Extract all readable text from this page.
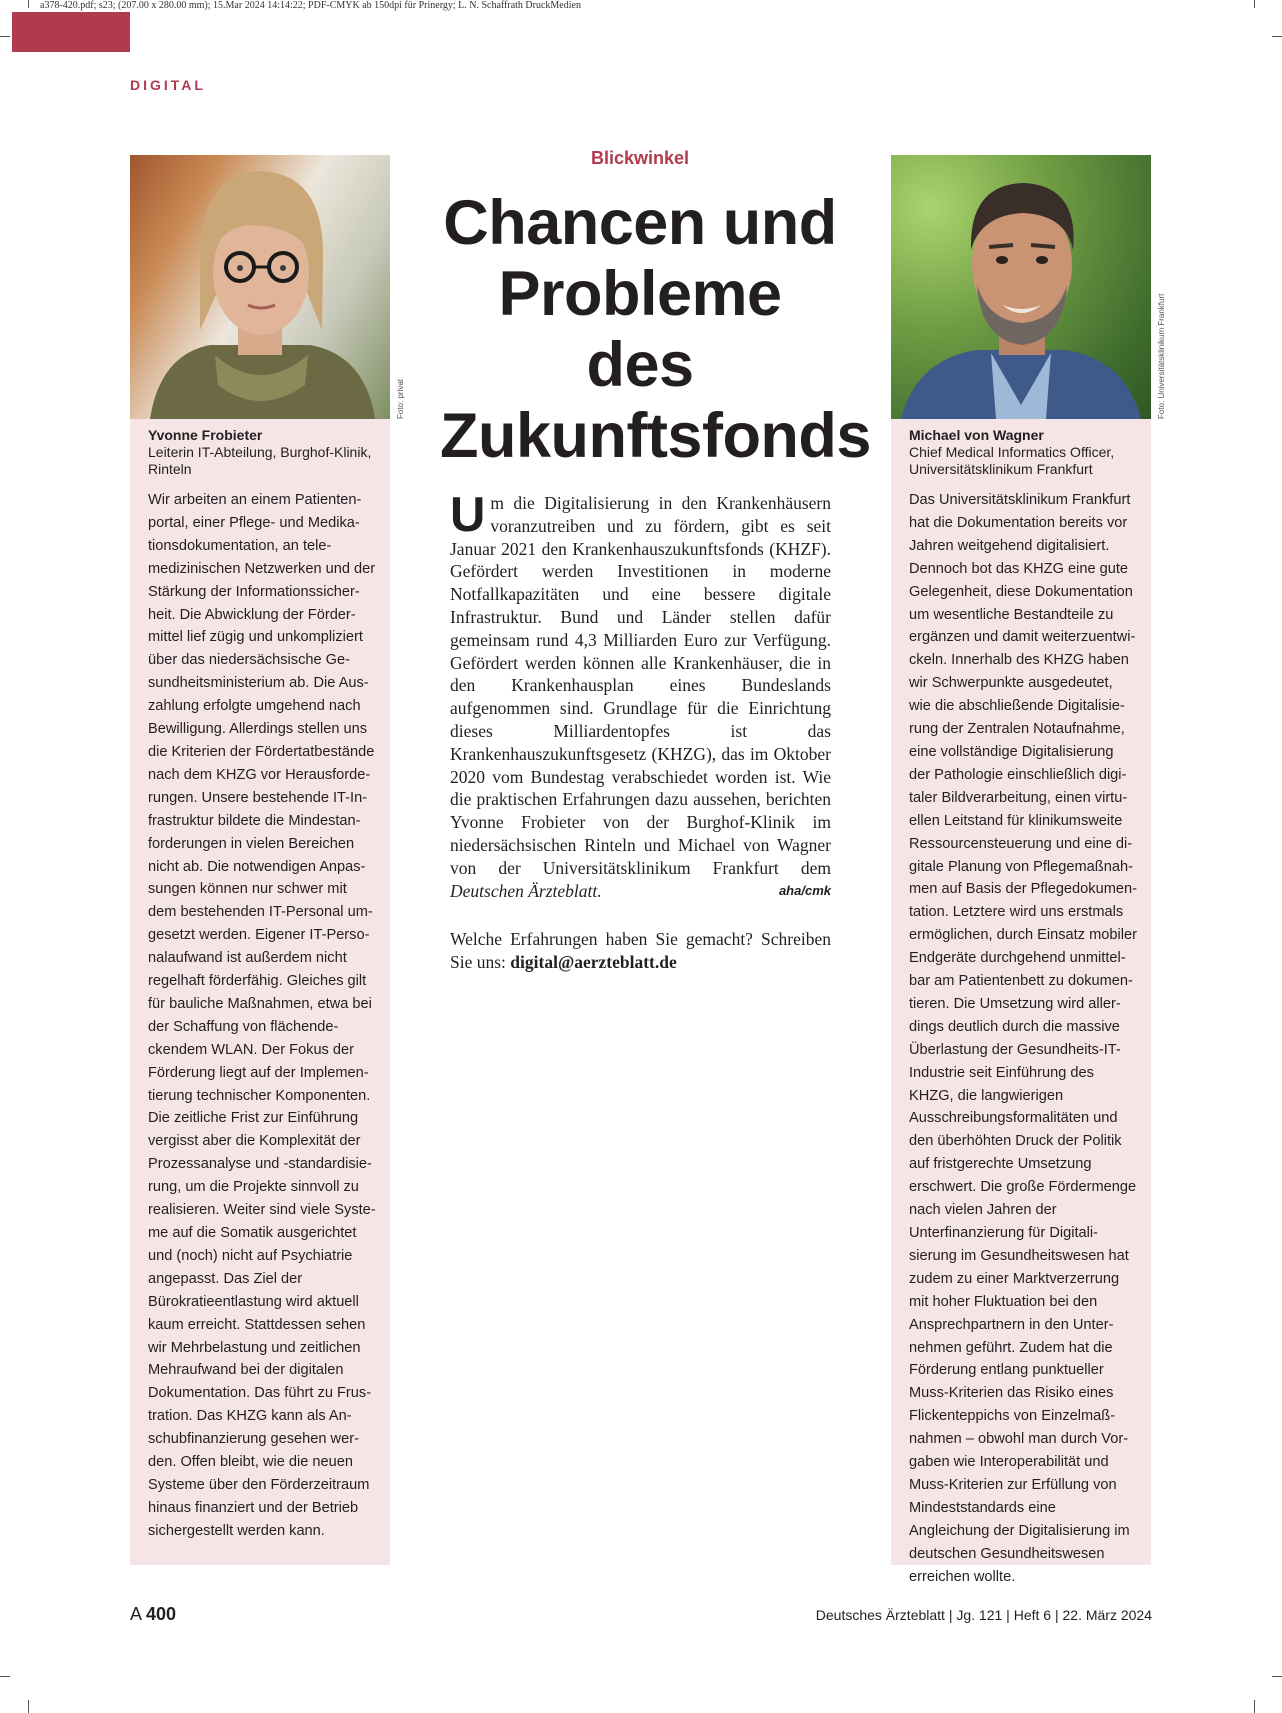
a378-420.pdf; s23; (207.00 x 280.00 mm); 15.Mar 2024 14:14:22; PDF-CMYK ab 150dpi für Prinergy; L. N. Schaffrath DruckMedien
DIGITAL
Foto: privat
Yvonne Frobieter
Leiterin IT-Abteilung, Burghof-Klinik,
Rinteln
Wir arbeiten an einem Patientenportal, einer Pflege- und Medikationsdokumentation, an telemedizinischen Netzwerken und der Stärkung der Informationssicherheit. Die Abwicklung der Fördermittel lief zügig und unkompliziert über das niedersächsische Gesundheitsministerium ab. Die Auszahlung erfolgte umgehend nach Bewilligung. Allerdings stellen uns die Kriterien der Fördertatbestände nach dem KHZG vor Herausforderungen. Unsere bestehende IT-Infrastruktur bildete die Mindestanforderungen in vielen Bereichen nicht ab. Die notwendigen Anpassungen können nur schwer mit dem bestehenden IT-Personal umgesetzt werden. Eigener IT-Personalaufwand ist außerdem nicht regelhaft förderfähig. Gleiches gilt für bauliche Maßnahmen, etwa bei der Schaffung von flächendeckendem WLAN. Der Fokus der Förderung liegt auf der Implementierung technischer Komponenten. Die zeitliche Frist zur Einführung vergisst aber die Komplexität der Prozessanalyse und -standardisierung, um die Projekte sinnvoll zu realisieren. Weiter sind viele Systeme auf die Somatik ausgerichtet und (noch) nicht auf Psychiatrie angepasst. Das Ziel der Bürokratieentlastung wird aktuell kaum erreicht. Stattdessen sehen wir Mehrbelastung und zeitlichen Mehraufwand bei der digitalen Dokumentation. Das führt zu Frustration. Das KHZG kann als Anschubfinanzierung gesehen werden. Offen bleibt, wie die neuen Systeme über den Förderzeitraum hinaus finanziert und der Betrieb sichergestellt werden kann.
Blickwinkel
Chancen und
Probleme des
Zukunftsfonds
Um die Digitalisierung in den Krankenhäusern voranzutreiben und zu fördern, gibt es seit Januar 2021 den Krankenhauszukunftsfonds (KHZF). Gefördert werden Investitionen in moderne Notfallkapazitäten und eine bessere digitale Infrastruktur. Bund und Länder stellen dafür gemeinsam rund 4,3 Milliarden Euro zur Verfügung. Gefördert werden können alle Krankenhäuser, die in den Krankenhausplan eines Bundeslands aufgenommen sind. Grundlage für die Einrichtung dieses Milliardentopfes ist das Krankenhauszukunftsgesetz (KHZG), das im Oktober 2020 vom Bundestag verabschiedet worden ist. Wie die praktischen Erfahrungen dazu aussehen, berichten Yvonne Frobieter von der Burghof-Klinik im niedersächsischen Rinteln und Michael von Wagner von der Universitätsklinikum Frankfurt dem Deutschen Ärzteblatt.	aha/cmk
Welche Erfahrungen haben Sie gemacht? Schreiben Sie uns: digital@aerzteblatt.de
Foto: Universitätsklinikum Frankfurt
Michael von Wagner
Chief Medical Informatics Officer,
Universitätsklinikum Frankfurt
Das Universitätsklinikum Frankfurt hat die Dokumentation bereits vor Jahren weitgehend digitalisiert. Dennoch bot das KHZG eine gute Gelegenheit, diese Dokumentation um wesentliche Bestandteile zu ergänzen und damit weiterzuentwickeln. Innerhalb des KHZG haben wir Schwerpunkte ausgedeutet, wie die abschließende Digitalisierung der Zentralen Notaufnahme, eine vollständige Digitalisierung der Pathologie einschließlich digitaler Bildverarbeitung, einen virtuellen Leitstand für klinikumsweite Ressourcensteuerung und eine digitale Planung von Pflegemaßnahmen auf Basis der Pflegedokumentation. Letztere wird uns erstmals ermöglichen, durch Einsatz mobiler Endgeräte durchgehend unmittelbar am Patientenbett zu dokumentieren. Die Umsetzung wird allerdings deutlich durch die massive Überlastung der Gesundheits-IT-Industrie seit Einführung des KHZG, die langwierigen Ausschreibungsformalitäten und den überhöhten Druck der Politik auf fristgerechte Umsetzung erschwert. Die große Fördermenge nach vielen Jahren der Unterfinanzierung für Digitalisierung im Gesundheitswesen hat zudem zu einer Marktverzerrung mit hoher Fluktuation bei den Ansprechpartnern in den Unternehmen geführt. Zudem hat die Förderung entlang punktueller Muss-Kriterien das Risiko eines Flickenteppichs von Einzelmaßnahmen – obwohl man durch Vorgaben wie Interoperabilität und Muss-Kriterien zur Erfüllung von Mindeststandards eine Angleichung der Digitalisierung im deutschen Gesundheitswesen erreichen wollte.
A 400	Deutsches Ärzteblatt | Jg. 121 | Heft 6 | 22. März 2024
